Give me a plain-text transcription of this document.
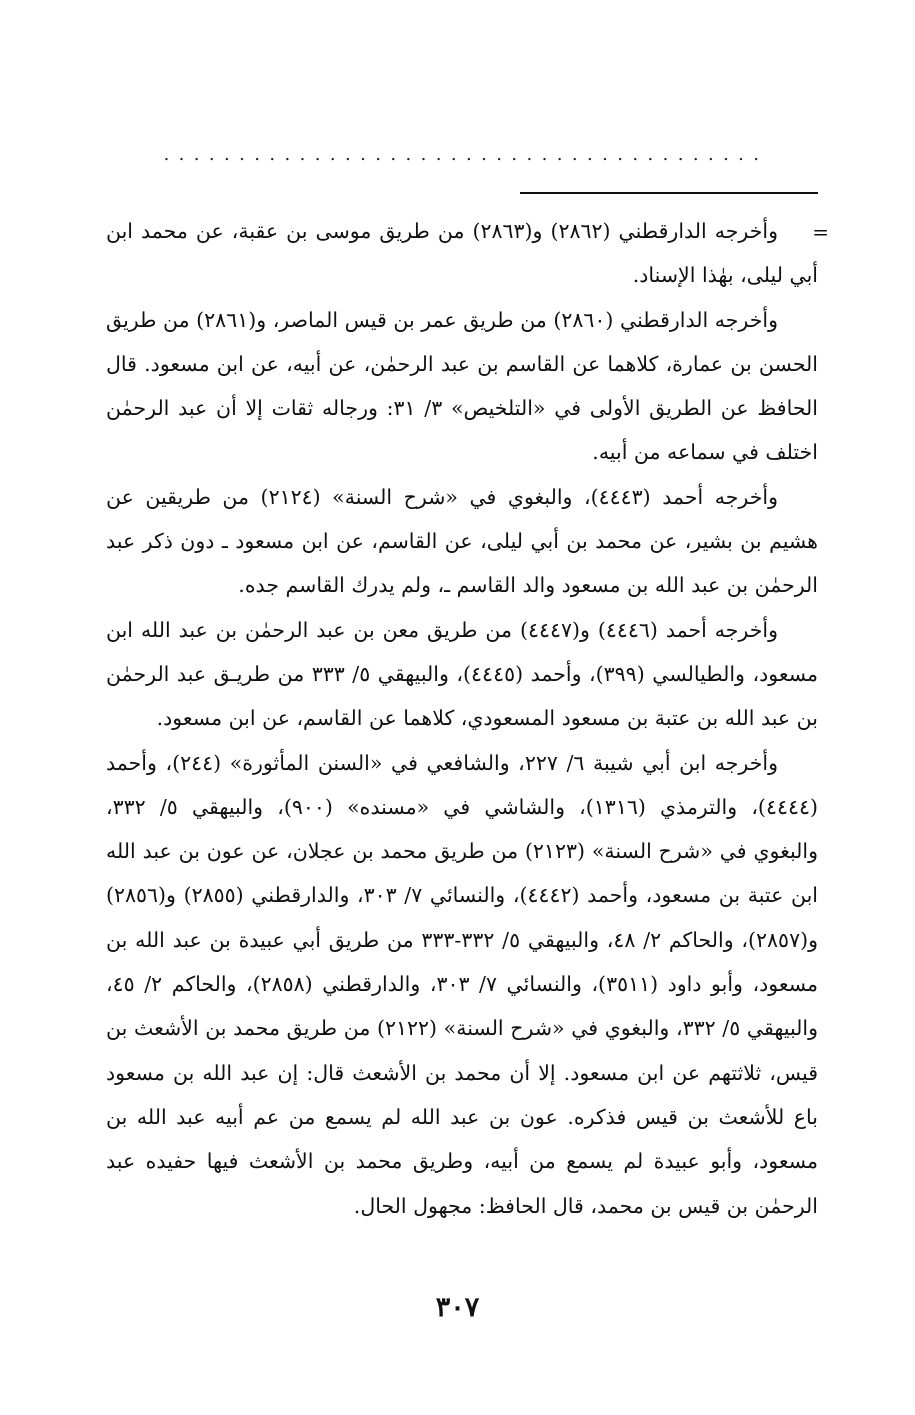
........................................
=

وأخرجه الدارقطني (٢٨٦٢) و(٢٨٦٣) من طريق موسى بن عقبة، عن محمد ابن أبي ليلى، بهٰذا الإسناد.

وأخرجه الدارقطني (٢٨٦٠) من طريق عمر بن قيس الماصر، و(٢٨٦١) من طريق الحسن بن عمارة، كلاهما عن القاسم بن عبد الرحمٰن، عن أبيه، عن ابن مسعود. قال الحافظ عن الطريق الأولى في «التلخيص» ٣/ ٣١: ورجاله ثقات إلا أن عبد الرحمٰن اختلف في سماعه من أبيه.

وأخرجه أحمد (٤٤٤٣)، والبغوي في «شرح السنة» (٢١٢٤) من طريقين عن هشيم بن بشير، عن محمد بن أبي ليلى، عن القاسم، عن ابن مسعود ـ دون ذكر عبد الرحمٰن بن عبد الله بن مسعود والد القاسم ـ، ولم يدرك القاسم جده.

وأخرجه أحمد (٤٤٤٦) و(٤٤٤٧) من طريق معن بن عبد الرحمٰن بن عبد الله ابن مسعود، والطيالسي (٣٩٩)، وأحمد (٤٤٤٥)، والبيهقي ٥/ ٣٣٣ من طريـق عبد الرحمٰن بن عبد الله بن عتبة بن مسعود المسعودي، كلاهما عن القاسم، عن ابن مسعود.

وأخرجه ابن أبي شيبة ٦/ ٢٢٧، والشافعي في «السنن المأثورة» (٢٤٤)، وأحمد (٤٤٤٤)، والترمذي (١٣١٦)، والشاشي في «مسنده» (٩٠٠)، والبيهقي ٥/ ٣٣٢، والبغوي في «شرح السنة» (٢١٢٣) من طريق محمد بن عجلان، عن عون بن عبد الله ابن عتبة بن مسعود، وأحمد (٤٤٤٢)، والنسائي ٧/ ٣٠٣، والدارقطني (٢٨٥٥) و(٢٨٥٦) و(٢٨٥٧)، والحاكم ٢/ ٤٨، والبيهقي ٥/ ٣٣٢-٣٣٣ من طريق أبي عبيدة بن عبد الله بن مسعود، وأبو داود (٣٥١١)، والنسائي ٧/ ٣٠٣، والدارقطني (٢٨٥٨)، والحاكم ٢/ ٤٥، والبيهقي ٥/ ٣٣٢، والبغوي في «شرح السنة» (٢١٢٢) من طريق محمد بن الأشعث بن قيس، ثلاثتهم عن ابن مسعود. إلا أن محمد بن الأشعث قال: إن عبد الله بن مسعود باع للأشعث بن قيس فذكره. عون بن عبد الله لم يسمع من عم أبيه عبد الله بن مسعود، وأبو عبيدة لم يسمع من أبيه، وطريق محمد بن الأشعث فيها حفيده عبد الرحمٰن بن قيس بن محمد، قال الحافظ: مجهول الحال.

٣٠٧
